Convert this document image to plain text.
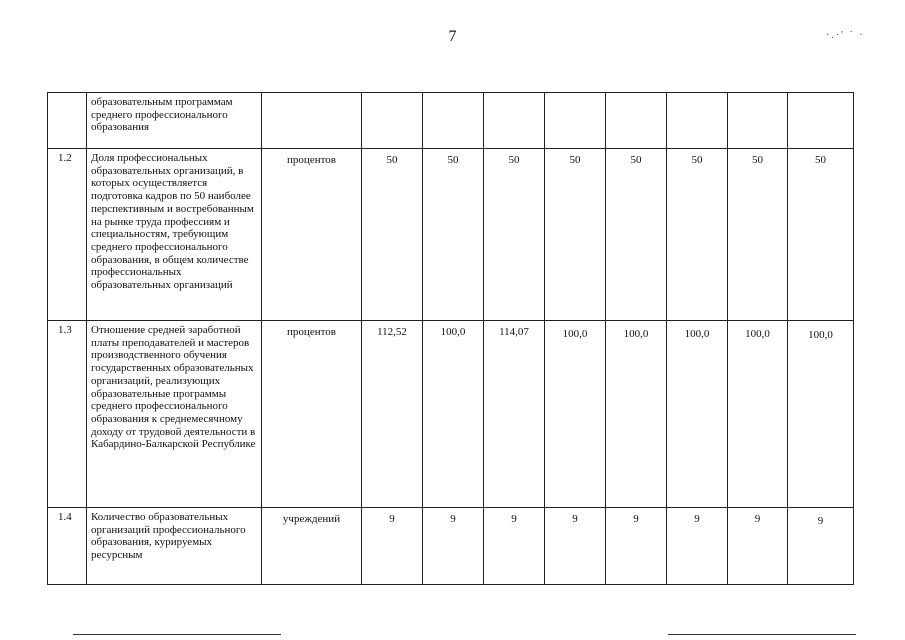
7	·.·' ˙ ·
	образовательным программам среднего профессионального образования									
1.2	Доля профессиональных образовательных организаций, в которых осуществляется подготовка кадров по 50 наиболее перспективным и востребованным на рынке труда профессиям и специальностям, требующим среднего профессионального образования, в общем количестве профессиональных образовательных организаций	процентов	50	50	50	50	50	50	50	50
1.3	Отношение средней заработной платы преподавателей и мастеров производственного обучения государственных образовательных организаций, реализующих образовательные программы среднего профессионального образования к среднемесячному доходу от трудовой деятельности в Кабардино-Балкарской Республике	процентов	112,52	100,0	114,07	100,0	100,0	100,0	100,0	100,0
1.4	Количество образовательных организаций профессионального образования, курируемых ресурсным	учреждений	9	9	9	9	9	9	9	9
